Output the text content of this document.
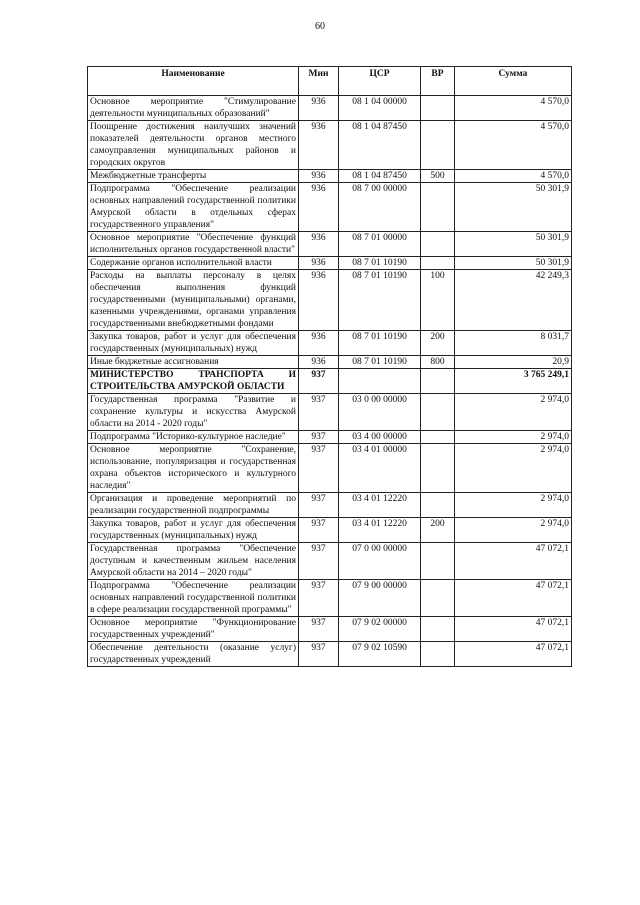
60
Наименование	Мин	ЦСР	ВР	Сумма
Основное мероприятие "Стимулирование деятельности муниципальных образований"	936	08 1 04 00000		4 570,0
Поощрение достижения наилучших значений показателей деятельности органов местного самоуправления муниципальных районов и городских округов	936	08 1 04 87450		4 570,0
Межбюджетные трансферты	936	08 1 04 87450	500	4 570,0
Подпрограмма "Обеспечение реализации основных направлений государственной политики Амурской области в отдельных сферах государственного управления"	936	08 7 00 00000		50 301,9
Основное мероприятие "Обеспечение функций исполнительных органов государственной власти"	936	08 7 01 00000		50 301,9
Содержание органов исполнительной власти	936	08 7 01 10190		50 301,9
Расходы на выплаты персоналу в целях обеспечения выполнения функций государственными (муниципальными) органами, казенными учреждениями, органами управления государственными внебюджетными фондами	936	08 7 01 10190	100	42 249,3
Закупка товаров, работ и услуг для обеспечения государственных (муниципальных) нужд	936	08 7 01 10190	200	8 031,7
Иные бюджетные ассигнования	936	08 7 01 10190	800	20,9
МИНИСТЕРСТВО ТРАНСПОРТА И СТРОИТЕЛЬСТВА АМУРСКОЙ ОБЛАСТИ	937			3 765 249,1
Государственная программа "Развитие и сохранение культуры и искусства Амурской области на 2014 - 2020 годы"	937	03 0 00 00000		2 974,0
Подпрограмма "Историко-культурное наследие"	937	03 4 00 00000		2 974,0
Основное мероприятие "Сохранение, использование, популяризация и государственная охрана объектов исторического и культурного наследия"	937	03 4 01 00000		2 974,0
Организация и проведение мероприятий по реализации государственной подпрограммы	937	03 4 01 12220		2 974,0
Закупка товаров, работ и услуг для обеспечения государственных (муниципальных) нужд	937	03 4 01 12220	200	2 974,0
Государственная программа "Обеспечение доступным и качественным жильем населения Амурской области на 2014 – 2020 годы"	937	07 0 00 00000		47 072,1
Подпрограмма "Обеспечение реализации основных направлений государственной политики в сфере реализации государственной программы"	937	07 9 00 00000		47 072,1
Основное мероприятие "Функционирование государственных учреждений"	937	07 9 02 00000		47 072,1
Обеспечение деятельности (оказание услуг) государственных учреждений	937	07 9 02 10590		47 072,1
